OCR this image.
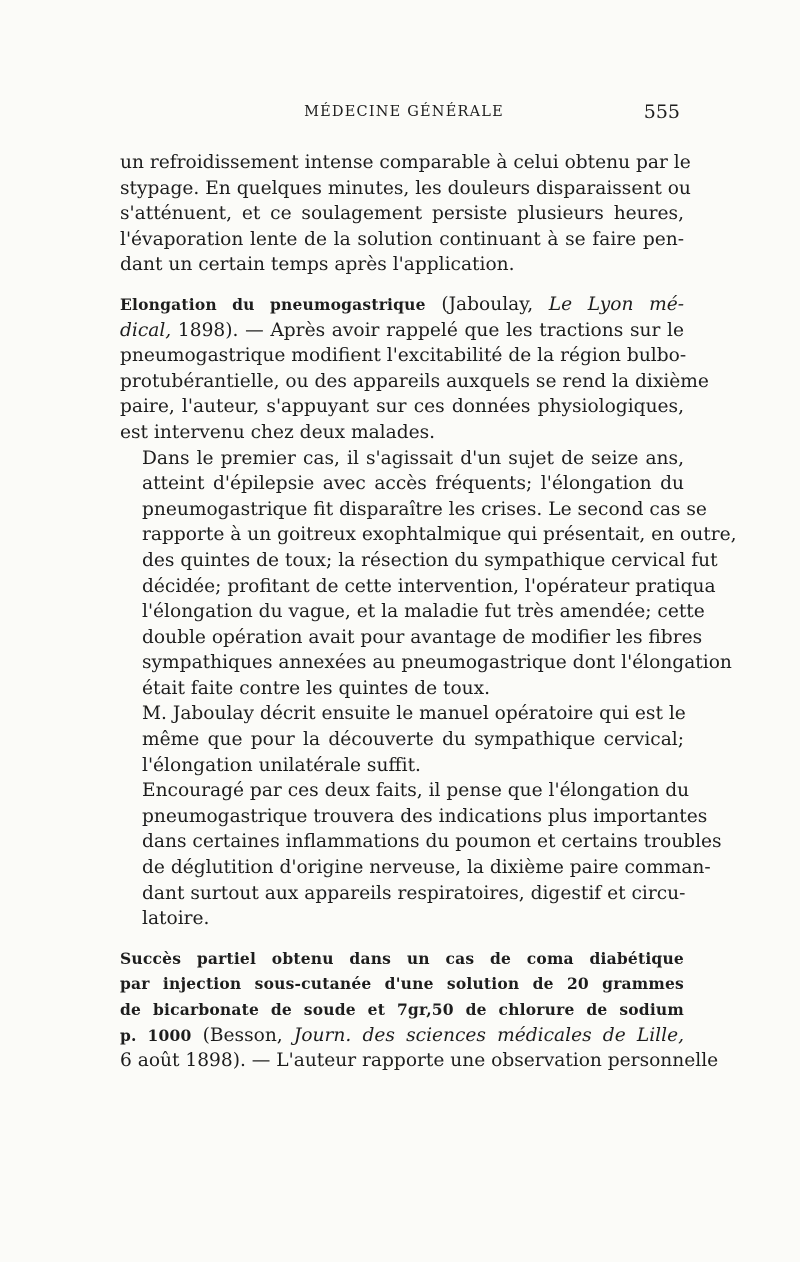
MÉDECINE GÉNÉRALE	555

un refroidissement intense comparable à celui obtenu par le
stypage. En quelques minutes, les douleurs disparaissent ou
s'atténuent, et ce soulagement persiste plusieurs heures,
l'évaporation lente de la solution continuant à se faire pen-
dant un certain temps après l'application.

Elongation du pneumogastrique (Jaboulay, Le Lyon mé-
dical, 1898). — Après avoir rappelé que les tractions sur le
pneumogastrique modifient l'excitabilité de la région bulbo-
protubérantielle, ou des appareils auxquels se rend la dixième
paire, l'auteur, s'appuyant sur ces données physiologiques,
est intervenu chez deux malades.

Dans le premier cas, il s'agissait d'un sujet de seize ans,
atteint d'épilepsie avec accès fréquents; l'élongation du
pneumogastrique fit disparaître les crises. Le second cas se
rapporte à un goitreux exophtalmique qui présentait, en outre,
des quintes de toux; la résection du sympathique cervical fut
décidée; profitant de cette intervention, l'opérateur pratiqua
l'élongation du vague, et la maladie fut très amendée; cette
double opération avait pour avantage de modifier les fibres
sympathiques annexées au pneumogastrique dont l'élongation
était faite contre les quintes de toux.

M. Jaboulay décrit ensuite le manuel opératoire qui est le
même que pour la découverte du sympathique cervical;
l'élongation unilatérale suffit.

Encouragé par ces deux faits, il pense que l'élongation du
pneumogastrique trouvera des indications plus importantes
dans certaines inflammations du poumon et certains troubles
de déglutition d'origine nerveuse, la dixième paire comman-
dant surtout aux appareils respiratoires, digestif et circu-
latoire.

Succès partiel obtenu dans un cas de coma diabétique
par injection sous-cutanée d'une solution de 20 grammes
de bicarbonate de soude et 7gr,50 de chlorure de sodium
p. 1000 (Besson, Journ. des sciences médicales de Lille,
6 août 1898). — L'auteur rapporte une observation personnelle
